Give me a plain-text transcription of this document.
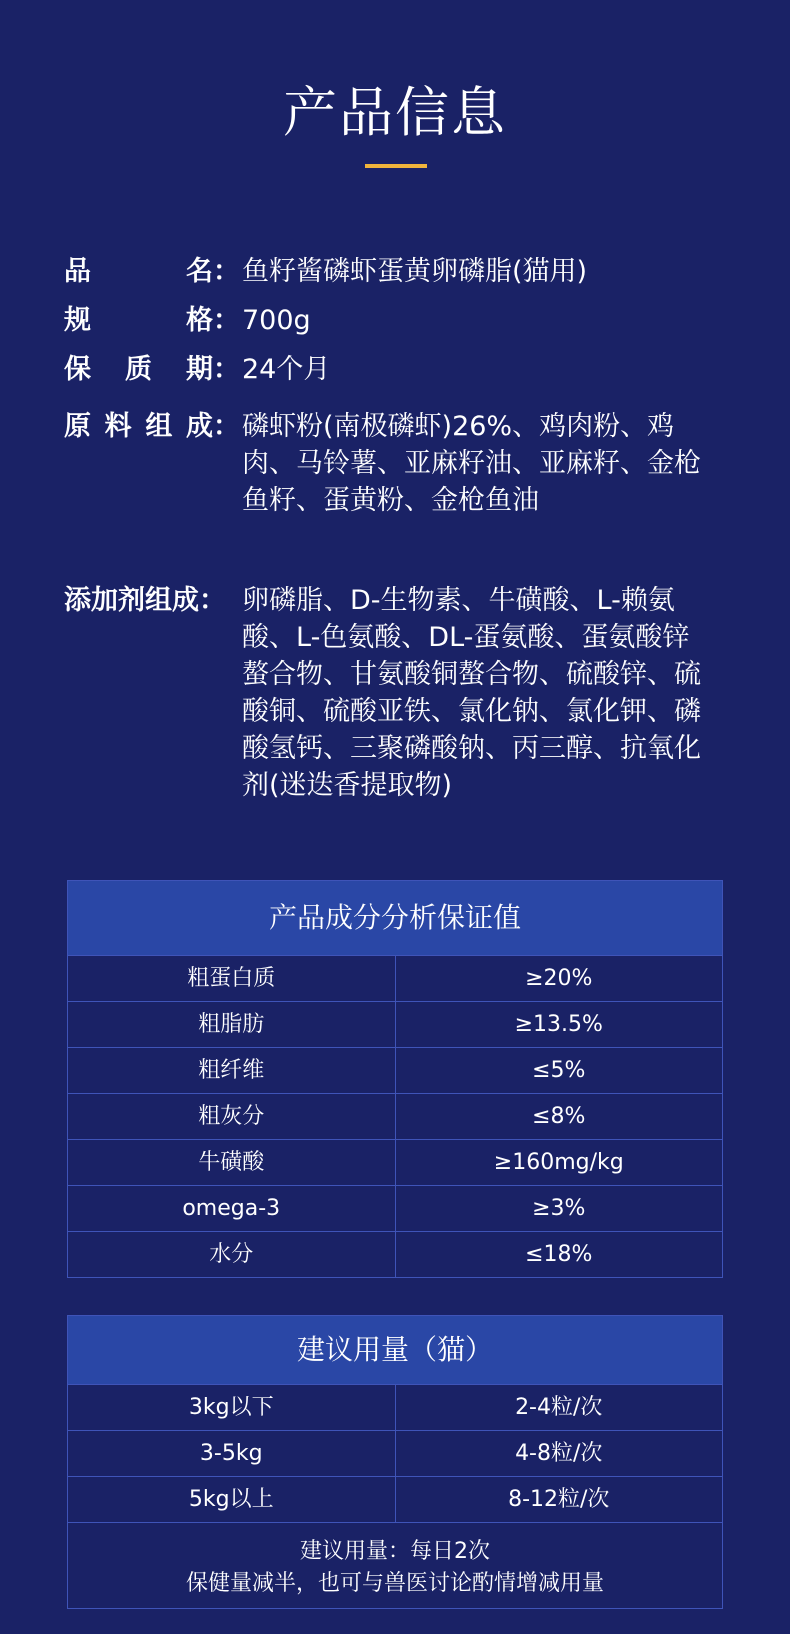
产品信息
品	名： 鱼籽酱磷虾蛋黄卵磷脂(猫用)
规	格： 700g
保 质 期： 24个月
原 料 组 成： 磷虾粉(南极磷虾)26%、鸡肉粉、鸡肉、马铃薯、亚麻籽油、亚麻籽、金枪鱼籽、蛋黄粉、金枪鱼油
添加剂组成： 卵磷脂、D-生物素、牛磺酸、L-赖氨酸、L-色氨酸、DL-蛋氨酸、蛋氨酸锌螯合物、甘氨酸铜螯合物、硫酸锌、硫酸铜、硫酸亚铁、氯化钠、氯化钾、磷酸氢钙、三聚磷酸钠、丙三醇、抗氧化剂(迷迭香提取物)
产品成分分析保证值
粗蛋白质	≥20%
粗脂肪	≥13.5%
粗纤维	≤5%
粗灰分	≤8%
牛磺酸	≥160mg/kg
omega-3	≥3%
水分	≤18%
建议用量（猫）
3kg以下	2-4粒/次
3-5kg	4-8粒/次
5kg以上	8-12粒/次
建议用量：每日2次
保健量减半，也可与兽医讨论酌情增减用量
